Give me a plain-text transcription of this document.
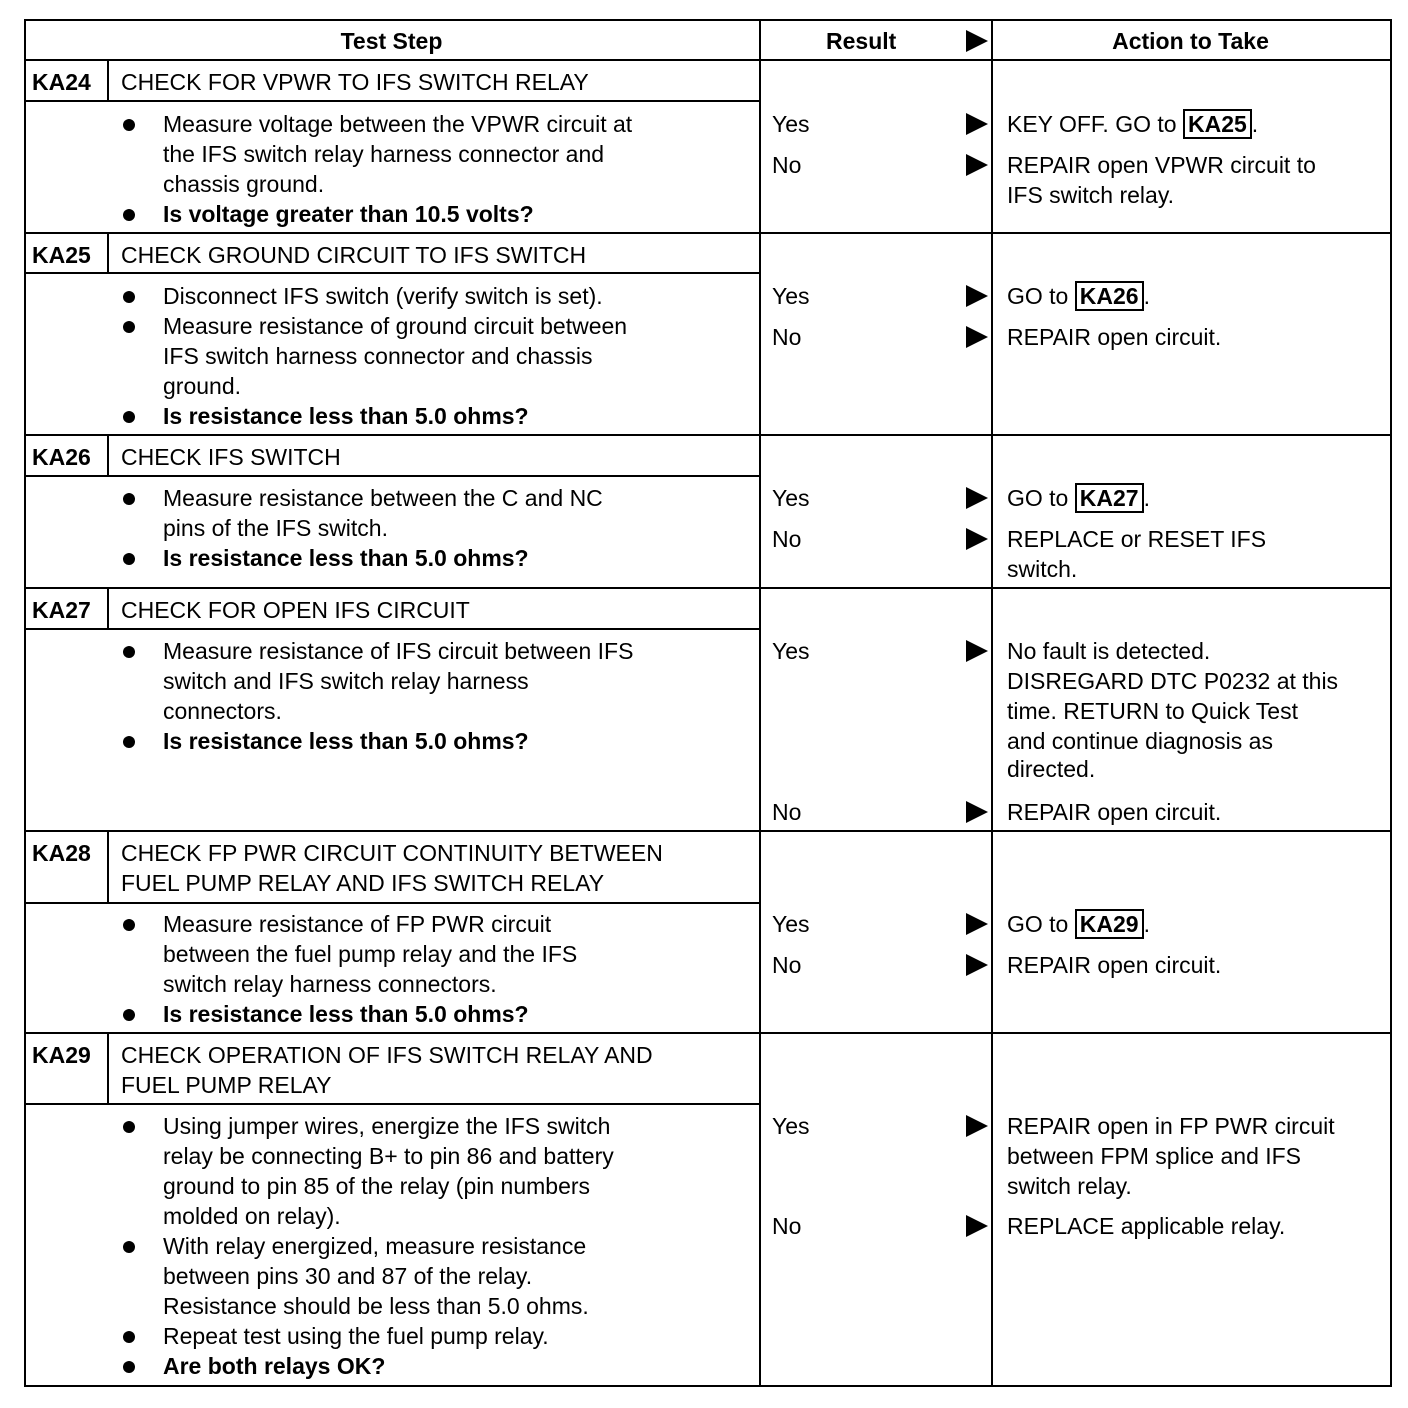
Test Step	Result	Action to Take
KA24 CHECK FOR VPWR TO IFS SWITCH RELAY
Measure voltage between the VPWR circuit at
the IFS switch relay harness connector and
chassis ground.
Is voltage greater than 10.5 volts?
Yes	KEY OFF. GO to KA25 .
No	REPAIR open VPWR circuit to
IFS switch relay.
KA25 CHECK GROUND CIRCUIT TO IFS SWITCH
Disconnect IFS switch (verify switch is set).
Measure resistance of ground circuit between
IFS switch harness connector and chassis
ground.
Is resistance less than 5.0 ohms?
Yes	GO to KA26 .
No	REPAIR open circuit.
KA26 CHECK IFS SWITCH
Measure resistance between the C and NC
pins of the IFS switch.
Is resistance less than 5.0 ohms?
Yes	GO to KA27 .
No	REPLACE or RESET IFS
switch.
KA27 CHECK FOR OPEN IFS CIRCUIT
Measure resistance of IFS circuit between IFS
switch and IFS switch relay harness
connectors.
Is resistance less than 5.0 ohms?
Yes	No fault is detected.
DISREGARD DTC P0232 at this
time. RETURN to Quick Test
and continue diagnosis as
directed.
No	REPAIR open circuit.
KA28 CHECK FP PWR CIRCUIT CONTINUITY BETWEEN
FUEL PUMP RELAY AND IFS SWITCH RELAY
Measure resistance of FP PWR circuit
between the fuel pump relay and the IFS
switch relay harness connectors.
Is resistance less than 5.0 ohms?
Yes	GO to KA29 .
No	REPAIR open circuit.
KA29 CHECK OPERATION OF IFS SWITCH RELAY AND
FUEL PUMP RELAY
Using jumper wires, energize the IFS switch
relay be connecting B+ to pin 86 and battery
ground to pin 85 of the relay (pin numbers
molded on relay).
With relay energized, measure resistance
between pins 30 and 87 of the relay.
Resistance should be less than 5.0 ohms.
Repeat test using the fuel pump relay.
Are both relays OK?
Yes	REPAIR open in FP PWR circuit
between FPM splice and IFS
switch relay.
No	REPLACE applicable relay.
